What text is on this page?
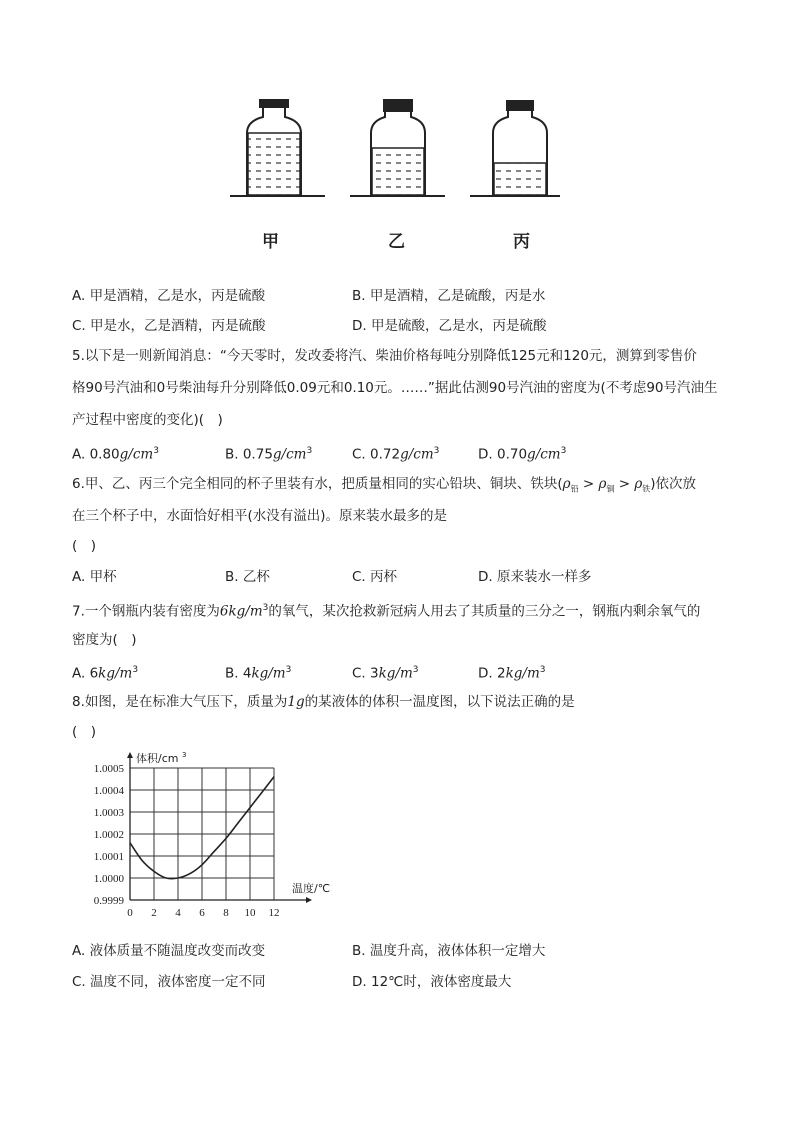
甲	乙	丙
A. 甲是酒精，乙是水，丙是硫酸	B. 甲是酒精，乙是硫酸，丙是水
C. 甲是水，乙是酒精，丙是硫酸	D. 甲是硫酸，乙是水，丙是硫酸
5.以下是一则新闻消息：“今天零时，发改委将汽、柴油价格每吨分别降低125元和120元，测算到零售价
格90号汽油和0号柴油每升分别降低0.09元和0.10元。……”据此估测90号汽油的密度为(不考虑90号汽油生
产过程中密度的变化)(　)
A. $0.80g/cm^3$	B. $0.75g/cm^3$	C. $0.72g/cm^3$	D. $0.70g/cm^3$
6.甲、乙、丙三个完全相同的杯子里装有水，把质量相同的实心铅块、铜块、铁块$(\rho_铅 > \rho_铜 > \rho_铁)$依次放
在三个杯子中，水面恰好相平(水没有溢出)。原来装水最多的是
(　)
A. 甲杯	B. 乙杯	C. 丙杯	D. 原来装水一样多
7.一个钢瓶内装有密度为$6kg/m^3$的氧气，某次抢救新冠病人用去了其质量的三分之一，钢瓶内剩余氧气的
密度为(　)
A. $6kg/m^3$	B. $4kg/m^3$	C. $3kg/m^3$	D. $2kg/m^3$
8.如图，是在标准大气压下，质量为1g的某液体的体积一温度图，以下说法正确的是
(　)
0 2 4 6 8 10 12
0.9999
1.0000
1.0001
1.0002
1.0003
1.0004
1.0005
体积/cm 3
温度/℃
A. 液体质量不随温度改变而改变	B. 温度升高，液体体积一定增大
C. 温度不同，液体密度一定不同	D. 12℃时，液体密度最大
